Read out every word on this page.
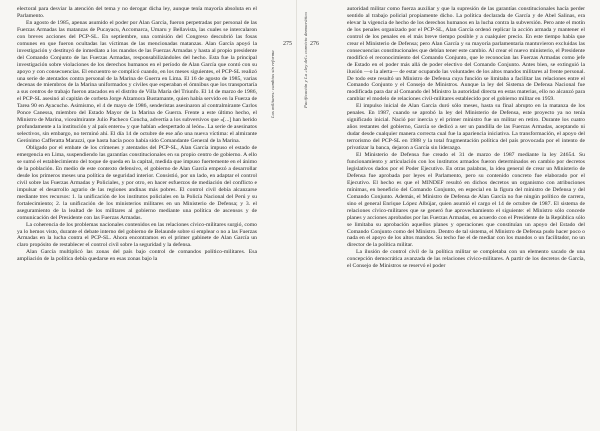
electoral para desviar la atención del tema y no derogar dicha ley, aunque tenía mayoría absoluta en el Parlamento.

En agosto de 1985, apenas asumido el poder por Alan García, fueron perpetradas por personal de las Fuerzas Armadas las matanzas de Pucayacu, Accomarca, Umaru y Bellavista, las cuales se intercalaron con breves acciones del PCP-SL. En septiembre, una comisión del Congreso descubrió las fosas comunes en que fueron ocultadas las víctimas de las mencionadas matanzas. Alan García apoyó la investigación y destituyó de inmediato a los mandos de las Fuerzas Armadas y hasta al propio presidente del Comando Conjunto de las Fuerzas Armadas, responsabilizándoles del hecho. Esta fue la principal investigación sobre violaciones de los derechos humanos en el período de Alan García que contó con su apoyo y con consecuencias. El encuentro se complicó cuando, en los meses siguientes, el PCP-SL realizó una serie de atentados contra personal de la Marina de Guerra en Lima. El 16 de agosto de 1985, varias decenas de miembros de la Marina uniformados y civiles que esperaban el ómnibus que los transportaría a sus centros de trabajo fueron atacados en el distrito de Villa María del Triunfo. El 14 de marzo de 1986, el PCP-SL asesinó al capitán de corbeta Jorge Alzamora Bustamante, quien había servido en la Fuerza de Tarea 90 en Ayacucho. Asimismo, el 4 de mayo de 1986, senderistas asesinaron al contralmirante Carlos Ponce Canessa, miembro del Estado Mayor de la Marina de Guerra. Frente a este último hecho, el Ministro de Marina, vicealmirante Julio Pacheco Concha, advertía a los subversivos que «[...] han herido profundamente a la institución y al país entero» y que habían «despertado al león». La serie de asesinatos selectivos, sin embargo, no terminó ahí. El día 14 de octubre de ese año una nueva víctima: el almirante Gerónimo Cafferatta Marazzi, que hasta hacía poco había sido Comandante General de la Marina.

Obligado por el embate de los crímenes y atentados del PCP-SL, Alan García impuso el estado de emergencia en Lima, suspendiendo las garantías constitucionales en su propio centro de gobierno. A ello se sumó el establecimiento del toque de queda en la capital, medida que impuso fuertemente en el ánimo de la población. En medio de este contexto defensivo, el gobierno de Alan García empezó a desarrollar desde los primeros meses una política de seguridad interior. Consistió, por un lado, en adaptar el control civil sobre las Fuerzas Armadas y Policiales, y por otro, en hacer esfuerzos de mediación del conflicto e impulsar el desarrollo agrario de las regiones andinas más pobres. El control civil debía alcanzarse mediante tres recursos: 1. la unificación de los institutos policiales en la Policía Nacional del Perú y su fortalecimiento; 2. la unificación de los ministerios militares en un Ministerio de Defensa; y 3. el aseguramiento de la lealtad de los militares al gobierno mediante una política de ascensos y de comunicación del Presidente con las Fuerzas Armadas.

La coherencia de los problemas nacionales contenidos en las relaciones cívico-militares surgió, como ya lo hemos visto, durante el debate interno del gobierno de Belaunde sobre si emplear o no a las Fuerzas Armadas en la lucha contra el PCP-SL. Ahora encontramos en el primer gabinete de Alan García un claro propósito de restablecer el control civil sobre la seguridad y la defensa.

Alan García multiplicó las zonas del país bajo control de comandos político-militares. Esa ampliación de la política debía quedarse en esas zonas bajo la

275
Los militares: cambios sin reforma
276
Pacificación y La «ley del» convicto democrático

autoridad militar como fuerza auxiliar y que la supresión de las garantías constitucionales hacía perder sentido al trabajo policial propiamente dicho. La política declarada de García y de Abel Salinas, era elevar la vigencia de hecho de los derechos humanos en la lucha contra la subversión. Pero ante el motín de los penales organizado por el PCP-SL, Alan García ordenó replicar la acción armada y mantener el control de los penales en el más breve tiempo posible y a cualquier precio. En este tiempo había que crear el Ministerio de Defensa; pero Alan García y su mayoría parlamentaria mantuvieron excluidas las consecuencias constitucionales que debían tener este cambio. Al crear el nuevo ministerio, el Presidente modificó el reconocimiento del Comando Conjunto, que le reconocían las Fuerzas Armadas como jefe de Estado en el poder más allá de poder electivo del Comando Conjunto. Antes bien, se extinguió la ilusión —o la alerta— de estar ocupando las voluntades de los altos mandos militares al frente personal. De todo este resultó un Ministro de Defensa cuya función se limitaba a facilitar las relaciones entre el Comando Conjunto y el Consejo de Ministros. Aunque la ley del Sistema de Defensa Nacional fue modificada para dar al Comando del Ministro la autoridad directa en estas materias, ello no alcanzó para cambiar el modelo de relaciones civil-militares establecido por el gobierno militar en 1959.

El impulso inicial de Alan García duró sólo meses, hasta su final abrupto en la matanza de los penales. En 1987, cuando se aprobó la ley del Ministerio de Defensa, este proyecto ya no tenía significado inicial. Nació por inercia y el primer ministro fue un militar en retiro. Durante los cuatro años restantes del gobierno, García se dedicó a ser un pandilla de las Fuerzas Armadas, aceptando ni dudar desde cualquier manera correcta cual fue la apariencia iniciativa. La transformación, el apoyo del terrorismo del PCP-SL en 1988 y la total fragmentación política del país provocada por el intento de privatizar la banca, dejaron a García sin liderazgo.

El Ministerio de Defensa fue creado el 31 de marzo de 1987 mediante la ley 24654. Su funcionamiento y articulación con los institutos armados fueron determinados en cambio por decretos legislativos dados por el Poder Ejecutivo. En otras palabras, la idea general de crear un Ministerio de Defensa fue aprobada por leyes el Parlamento, pero su contenido concreto fue elaborado por el Ejecutivo. El hecho es que el MINDEF resultó en dichos decretos un organismo con atribuciones mínimas, en beneficio del Comando Conjunto, en especial en la figura del ministro de Defensa y del Comando Conjunto. Además, el Ministro de Defensa de Alan García no fue ningún político de carrera, sino el general Enrique López Albújar, quien asumió el cargo el 14 de octubre de 1987. El sistema de relaciones cívico-militares que se generó fue aprovechamiento el siguiente: el Ministro sólo concede planes y acciones aprobados por las Fuerzas Armadas, en acuerdo con el Presidente de la República sólo se limitaba su aprobación aquellos planes y operaciones que constituían un apoyo del Estado del Comando Conjunto como del Ministro. Dentro de tal sistema, el Ministro de Defensa pudo hacer poco o nada en el apoyo de los altos mandos. Su techo fue el de mediar con los mandos o un facilitador, no un director de la política militar.

La ilusión de control civil de la política militar se completaba con un elemento sacado de una concepción democrática avanzada de las relaciones cívico-militares. A partir de los decretos de García, el Consejo de Ministros se reservó el poder
